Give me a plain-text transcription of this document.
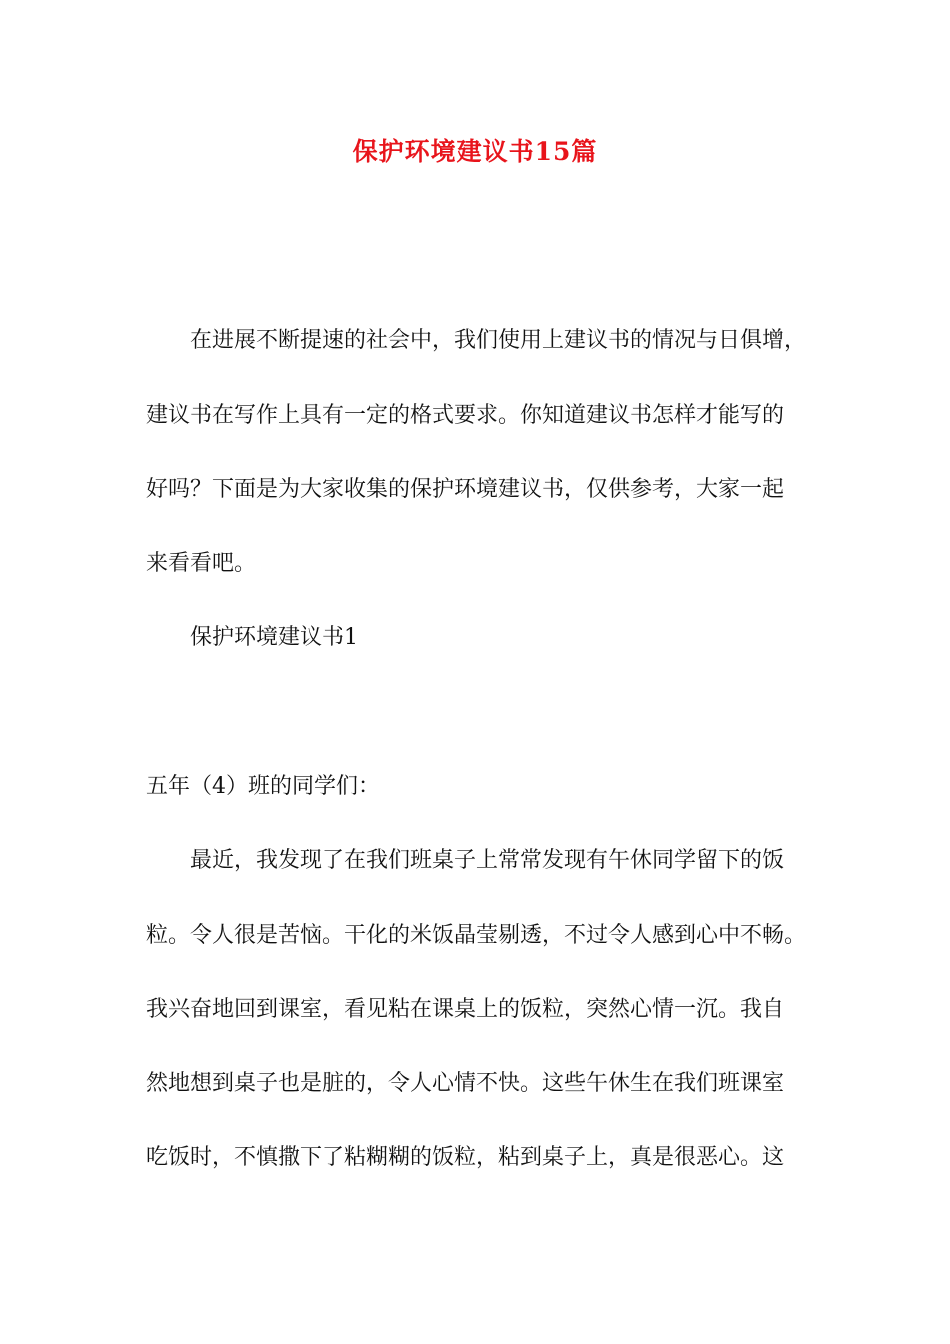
保护环境建议书15篇
在进展不断提速的社会中，我们使用上建议书的情况与日俱增，
建议书在写作上具有一定的格式要求。你知道建议书怎样才能写的
好吗？下面是为大家收集的保护环境建议书，仅供参考，大家一起
来看看吧。
保护环境建议书1
五年（4）班的同学们：
最近，我发现了在我们班桌子上常常发现有午休同学留下的饭
粒。令人很是苦恼。干化的米饭晶莹剔透，不过令人感到心中不畅。
我兴奋地回到课室，看见粘在课桌上的饭粒，突然心情一沉。我自
然地想到桌子也是脏的，令人心情不快。这些午休生在我们班课室
吃饭时，不慎撒下了粘糊糊的饭粒，粘到桌子上，真是很恶心。这
